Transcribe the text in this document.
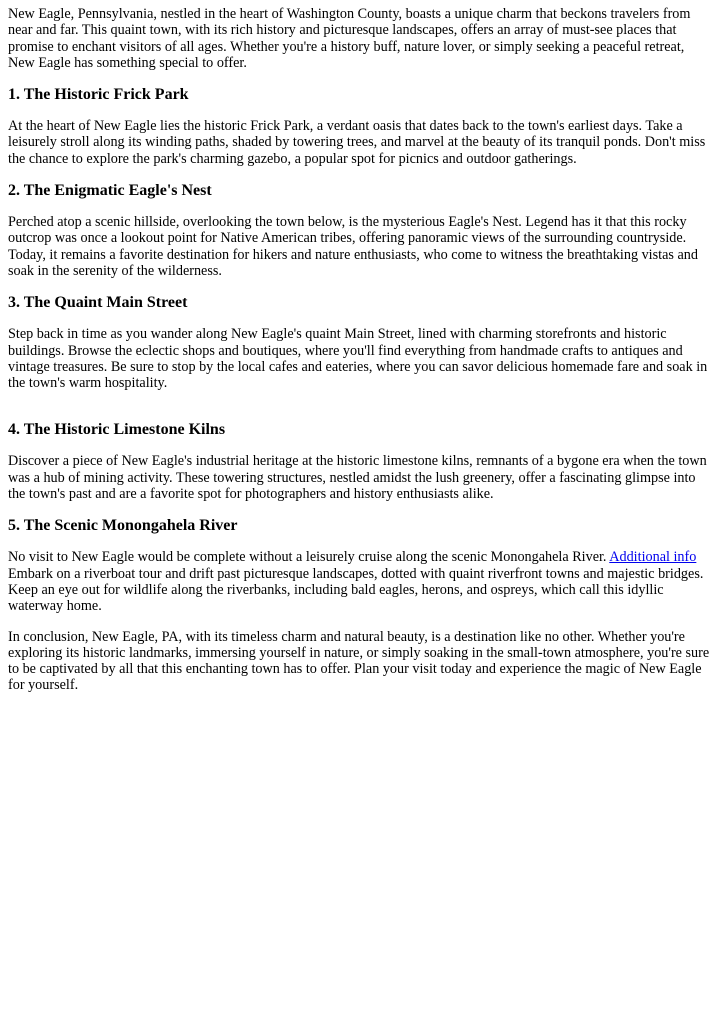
New Eagle, Pennsylvania, nestled in the heart of Washington County, boasts a unique charm that beckons travelers from near and far. This quaint town, with its rich history and picturesque landscapes, offers an array of must-see places that promise to enchant visitors of all ages. Whether you're a history buff, nature lover, or simply seeking a peaceful retreat, New Eagle has something special to offer.

1. The Historic Frick Park

At the heart of New Eagle lies the historic Frick Park, a verdant oasis that dates back to the town's earliest days. Take a leisurely stroll along its winding paths, shaded by towering trees, and marvel at the beauty of its tranquil ponds. Don't miss the chance to explore the park's charming gazebo, a popular spot for picnics and outdoor gatherings.

2. The Enigmatic Eagle's Nest

Perched atop a scenic hillside, overlooking the town below, is the mysterious Eagle's Nest. Legend has it that this rocky outcrop was once a lookout point for Native American tribes, offering panoramic views of the surrounding countryside. Today, it remains a favorite destination for hikers and nature enthusiasts, who come to witness the breathtaking vistas and soak in the serenity of the wilderness.

3. The Quaint Main Street

Step back in time as you wander along New Eagle's quaint Main Street, lined with charming storefronts and historic buildings. Browse the eclectic shops and boutiques, where you'll find everything from handmade crafts to antiques and vintage treasures. Be sure to stop by the local cafes and eateries, where you can savor delicious homemade fare and soak in the town's warm hospitality.

4. The Historic Limestone Kilns

Discover a piece of New Eagle's industrial heritage at the historic limestone kilns, remnants of a bygone era when the town was a hub of mining activity. These towering structures, nestled amidst the lush greenery, offer a fascinating glimpse into the town's past and are a favorite spot for photographers and history enthusiasts alike.

5. The Scenic Monongahela River

No visit to New Eagle would be complete without a leisurely cruise along the scenic Monongahela River. Additional info Embark on a riverboat tour and drift past picturesque landscapes, dotted with quaint riverfront towns and majestic bridges. Keep an eye out for wildlife along the riverbanks, including bald eagles, herons, and ospreys, which call this idyllic waterway home.

In conclusion, New Eagle, PA, with its timeless charm and natural beauty, is a destination like no other. Whether you're exploring its historic landmarks, immersing yourself in nature, or simply soaking in the small-town atmosphere, you're sure to be captivated by all that this enchanting town has to offer. Plan your visit today and experience the magic of New Eagle for yourself.
